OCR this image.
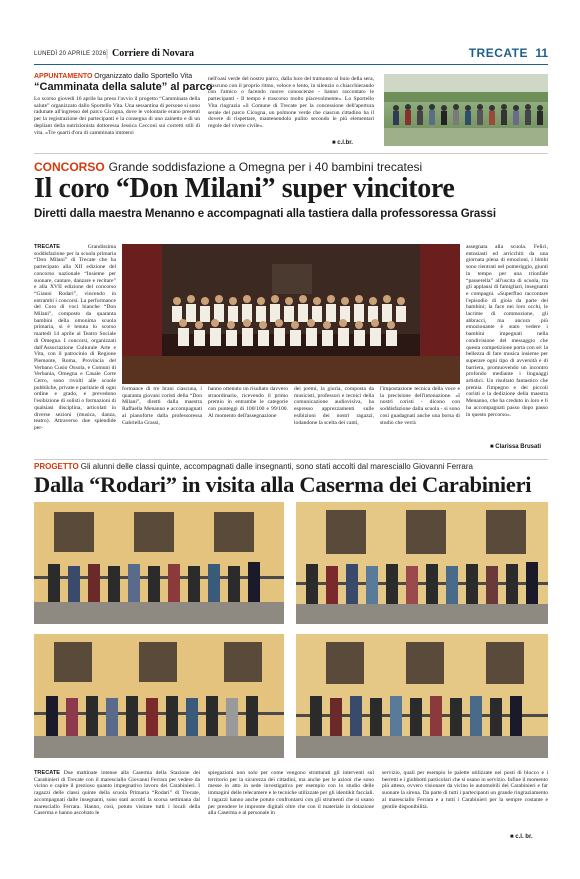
LUNEDÌ 20 APRILE 2026 | Corriere di Novara	TRECATE 11
APPUNTAMENTO Organizzato dallo Sportello Vita
“Camminata della salute” al parco
Lo scorso giovedì 16 aprile ha preso l'avvio il progetto “Camminata della salute” organizzato dallo Sportello Vita. Una sessantina di persone si sono radunate all'ingresso del parco Cicogna, dove le volontarie erano presenti per la registrazione dei partecipanti e la consegna di uno zainetto e di un depliant della nutrizionista dottoressa Jessica Cecconi sui corretti stili di vita. «Tre quarti d'ora di camminata immersi
nell'oasi verde del nostro parco, dalla luce del tramonto al buio della sera, ciascuno con il proprio ritmo, veloce o lento, in silenzio o chiacchierando con l'amico o facendo nuove conoscenze - hanno raccontato le partecipanti - Il tempo è trascorso molto piacevolmente». Lo Sportello Vita ringrazia «il Comune di Trecate per la concessione dell'apertura serale del parco Cicogna, un polmone verde che ciascun cittadino ha il dovere di rispettare, mantenendolo pulito secondo le più elementari regole del vivere civile».
■ c.l.br.
CONCORSO Grande soddisfazione a Omegna per i 40 bambini trecatesi
Il coro “Don Milani” super vincitore
Diretti dalla maestra Menanno e accompagnati alla tastiera dalla professoressa Grassi
TRECATE	Grandissima soddisfazione per la scuola primaria “Don Milani” di Trecate che ha partecipato alla XII edizione del concorso nazionale “Insieme per suonare, cantare, danzare e recitare” e alla XVII edizione del concorso “Gianni Rodari”, vincendo in entrambi i concorsi. La performance del Coro di voci bianche “Don Milani”, composto da quaranta bambini della omonima scuola primaria, si è tenuta lo scorso martedì 14 aprile al Teatro Sociale di Omegna. I concorsi, organizzati dall'Associazione Culturale Arte e Vita, con il patrocinio di Regione Piemonte, Roma, Provincia del Verbano Cusio Ossola, e Comuni di Verbania, Omegna e Casale Corte Cerro, sono rivolti alle scuole pubbliche, private e paritarie di ogni ordine e grado, e prevedono l'esibizione di solisti o formazioni di qualsiasi disciplina, articolati in diverse sezioni (musica, danza, teatro). Attraverso due splendide per-
formance di tre brani ciascuna, i quaranta giovani coristi della “Don Milani”, diretti dalla maestra Raffaella Menanno e accompagnati al pianoforte dalla professoressa Gabriella Grassi,
hanno ottenuto un risultato davvero straordinario, ricevendo il primo premio in entrambe le categorie con punteggi di 100/100 e 99/100. Al momento dell'assegnazione
dei premi, la giuria, composta da musicisti, professori e tecnici della comunicazione audiovisiva, ha espresso apprezzamenti sulle esibizioni dei nostri ragazzi, lodandone la scelta dei canti,
l'impostazione tecnica della voce e la precisione dell'intonazione. «I nostri coristi - dicono con soddisfazione dalla scuola - si sono così guadagnati anche una borsa di studio che verrà
assegnata alla scuola. Felici, entusiasti ed arricchiti da una giornata piena di emozioni, i bimbi sono rientrati nel pomeriggio, giunti in tempo per una trionfale “passerella” all'uscita di scuola, tra gli applausi di famigliari, insegnanti e compagni. «Superfluo raccontare l'episodio di gioia da parte dei bambini; la face nei loro occhi, le lacrime di commozione, gli abbracci, ma ancora più emozionante è stato vedere i bambini impegnati nella condivisione del messaggio che questa competizione porta con sé: la bellezza di fare musica insieme per superare ogni tipo di avversità e di barriera, promuovendo un incontro profondo mediante i linguaggi artistici. Un risultato fantastico che premia l'impegno e dei piccoli coristi e la dedizione della maestra Menanno, che ha creduto in loro e li ha accompagnati passo dopo passo in questo percorso».
■ Clarissa Brusati
PROGETTO Gli alunni delle classi quinte, accompagnati dalle insegnanti, sono stati accolti dal maresciallo Giovanni Ferrara
Dalla “Rodari” in visita alla Caserma dei Carabinieri
TRECATE Due mattinate intense alla Caserma della Stazione dei Carabinieri di Trecate con il maresciallo Giovanni Ferrara per vedere da vicino e capire il prezioso quanto impegnativo lavoro dei Carabinieri. I ragazzi delle classi quinte della scuola Primaria “Rodari” di Trecate, accompagnati dalle insegnanti, sono stati accolti la scorsa settimana dal maresciallo Ferrara. Hanno, così, potuto visitare tutti i locali della Caserma e hanno ascoltato le
spiegazioni non solo per come vengono strutturati gli interventi sul territorio per la sicurezza dei cittadini, ma anche per le azioni che sono messe in atto in sede investigativa per esempio con lo studio delle immagini delle telecamere e le tecniche utilizzate per gli identikit facciali. I ragazzi hanno anche potuto confrontarsi con gli strumenti che si usano per prendere le impronte digitali oltre che con il materiale in dotazione alla Caserma e al personale in
servizio, quali per esempio le palette utilizzate nei posti di blocco e i berretti e i giubbotti particolari che si usano in servizio. Infine il momento più atteso, ovvero visionare da vicino le automobili dei Carabinieri e far suonare la sirena. Da parte di tutti i partecipanti un grande ringraziamento al maresciallo Ferrara e a tutti i Carabinieri per la sempre costante e gentile disponibilità.
■ c.l. br.
